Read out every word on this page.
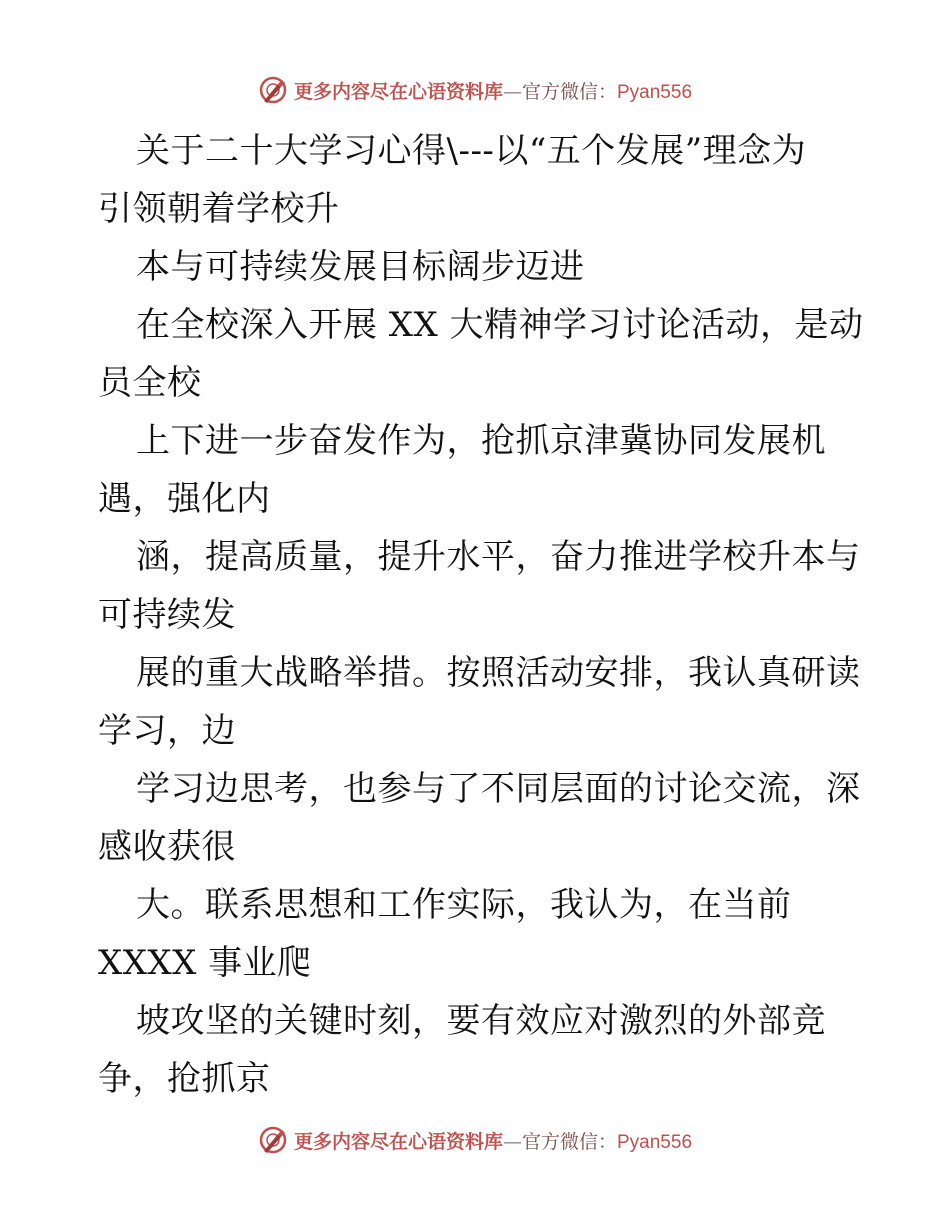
更多内容尽在心语资料库—官方微信：Pyan556
关于二十大学习心得\---以“五个发展”理念为
引领朝着学校升
本与可持续发展目标阔步迈进
在全校深入开展 XX 大精神学习讨论活动，是动
员全校
上下进一步奋发作为，抢抓京津冀协同发展机
遇，强化内
涵，提高质量，提升水平，奋力推进学校升本与
可持续发
展的重大战略举措。按照活动安排，我认真研读
学习，边
学习边思考，也参与了不同层面的讨论交流，深
感收获很
大。联系思想和工作实际，我认为，在当前
XXXX 事业爬
坡攻坚的关键时刻，要有效应对激烈的外部竞
争，抢抓京
更多内容尽在心语资料库—官方微信：Pyan556
